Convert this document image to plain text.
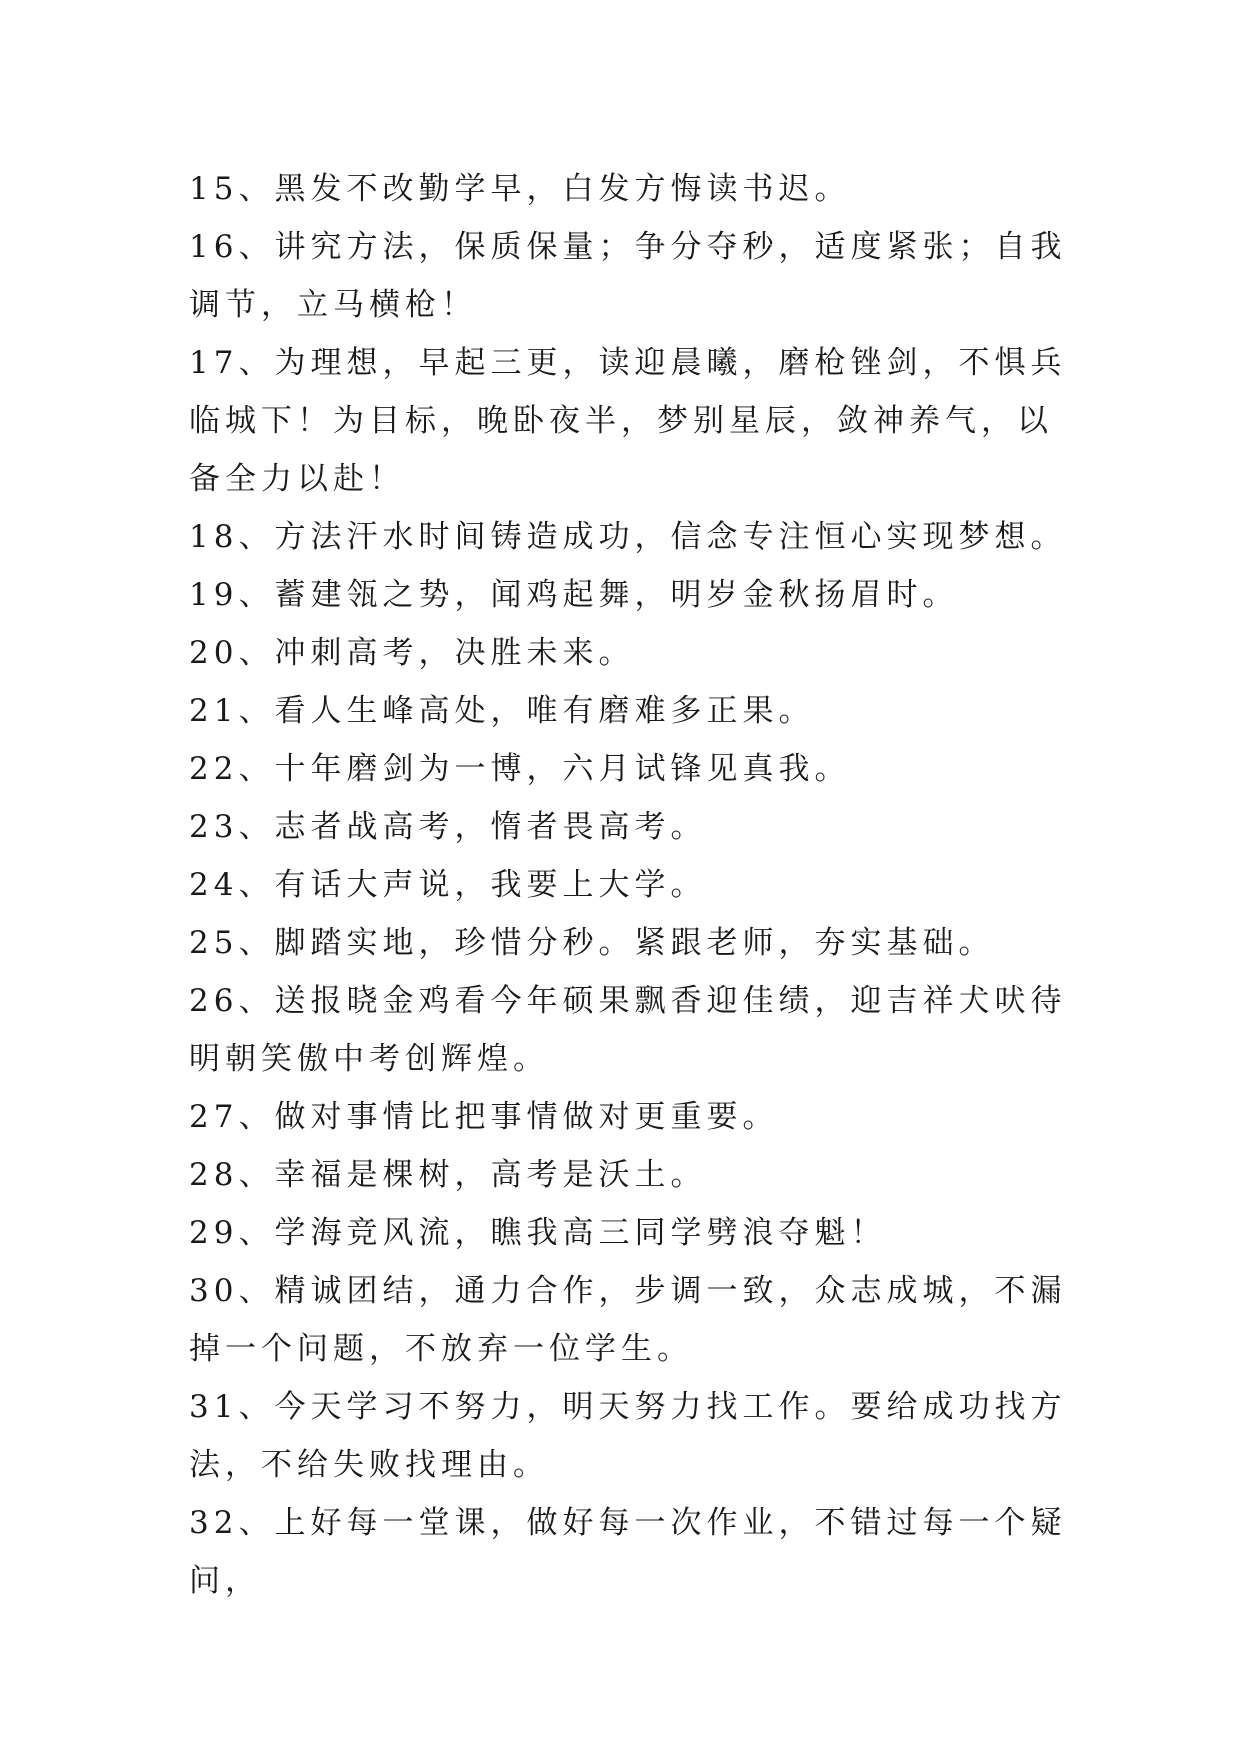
15、黑发不改勤学早，白发方悔读书迟。

16、讲究方法，保质保量；争分夺秒，适度紧张；自我调节，立马横枪！

17、为理想，早起三更，读迎晨曦，磨枪锉剑，不惧兵临城下！为目标，晚卧夜半，梦别星辰，敛神养气，以备全力以赴！

18、方法汗水时间铸造成功，信念专注恒心实现梦想。

19、蓄建瓴之势，闻鸡起舞，明岁金秋扬眉时。

20、冲刺高考，决胜未来。

21、看人生峰高处，唯有磨难多正果。

22、十年磨剑为一博，六月试锋见真我。

23、志者战高考，惰者畏高考。

24、有话大声说，我要上大学。

25、脚踏实地，珍惜分秒。紧跟老师，夯实基础。

26、送报晓金鸡看今年硕果飘香迎佳绩，迎吉祥犬吠待明朝笑傲中考创辉煌。

27、做对事情比把事情做对更重要。

28、幸福是棵树，高考是沃土。

29、学海竞风流，瞧我高三同学劈浪夺魁！

30、精诚团结，通力合作，步调一致，众志成城，不漏掉一个问题，不放弃一位学生。

31、今天学习不努力，明天努力找工作。要给成功找方法，不给失败找理由。

32、上好每一堂课，做好每一次作业，不错过每一个疑问，
